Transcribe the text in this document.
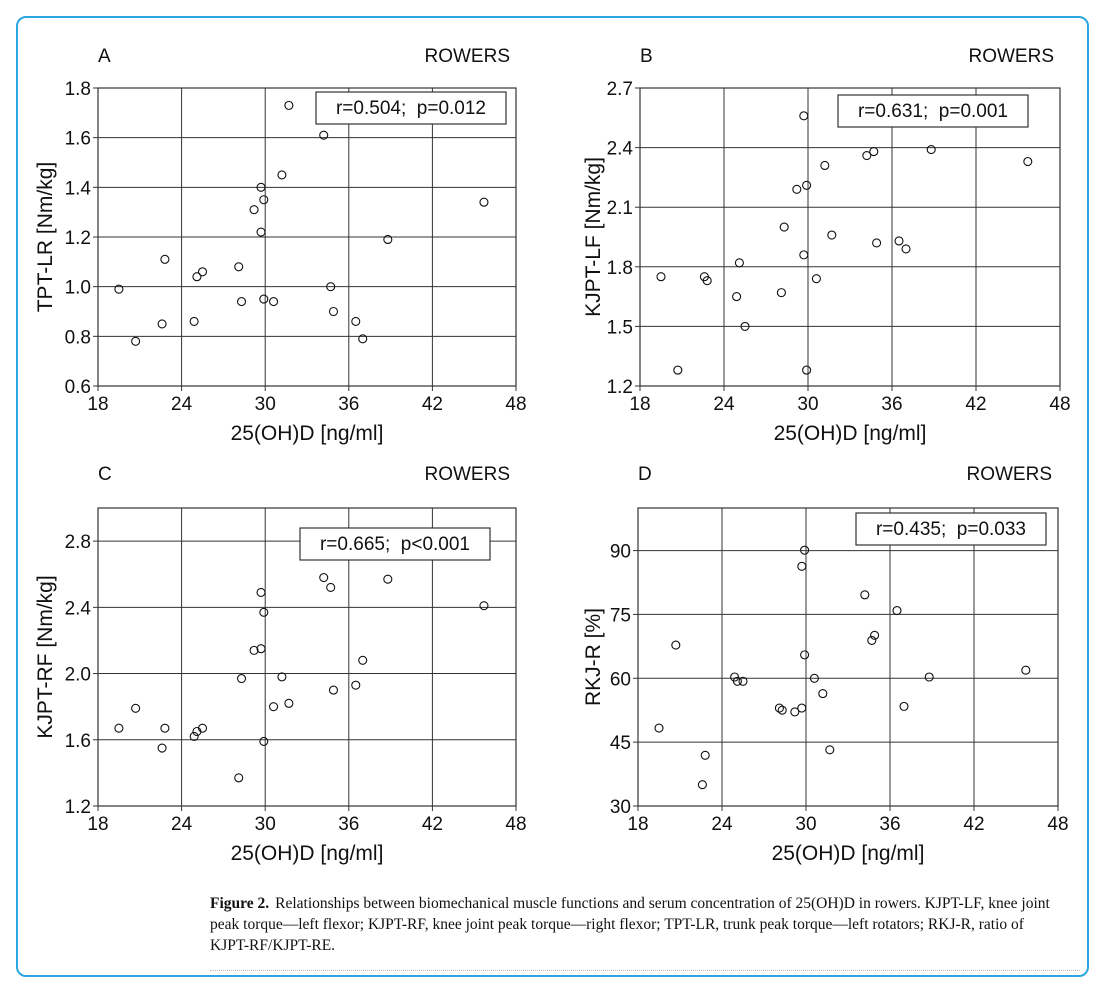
18	24	30	36	42	48
0.6
0.8
1.0
1.2
1.4
1.6
1.8
A	ROWERS
r=0.504;  p=0.012
25(OH)D [ng/ml]
TPT-LR [Nm/kg]
18	24	30	36	42	48
1.2
1.5
1.8
2.1
2.4
2.7
B	ROWERS
r=0.631;  p=0.001
25(OH)D [ng/ml]
KJPT-LF [Nm/kg]
18	24	30	36	42	48
1.2
1.6
2.0
2.4
2.8
C	ROWERS
r=0.665;  p<0.001
25(OH)D [ng/ml]
KJPT-RF [Nm/kg]
18	24	30	36	42	48
30
45
60
75
90
D	ROWERS
r=0.435;  p=0.033
25(OH)D [ng/ml]
RKJ-R [%]
Figure 2. Relationships between biomechanical muscle functions and serum concentration of 25(OH)D in rowers. KJPT-LF, knee joint peak torque—left flexor; KJPT-RF, knee joint peak torque—right flexor; TPT-LR, trunk peak torque—left rotators; RKJ-R, ratio of KJPT-RF/KJPT-RE.
